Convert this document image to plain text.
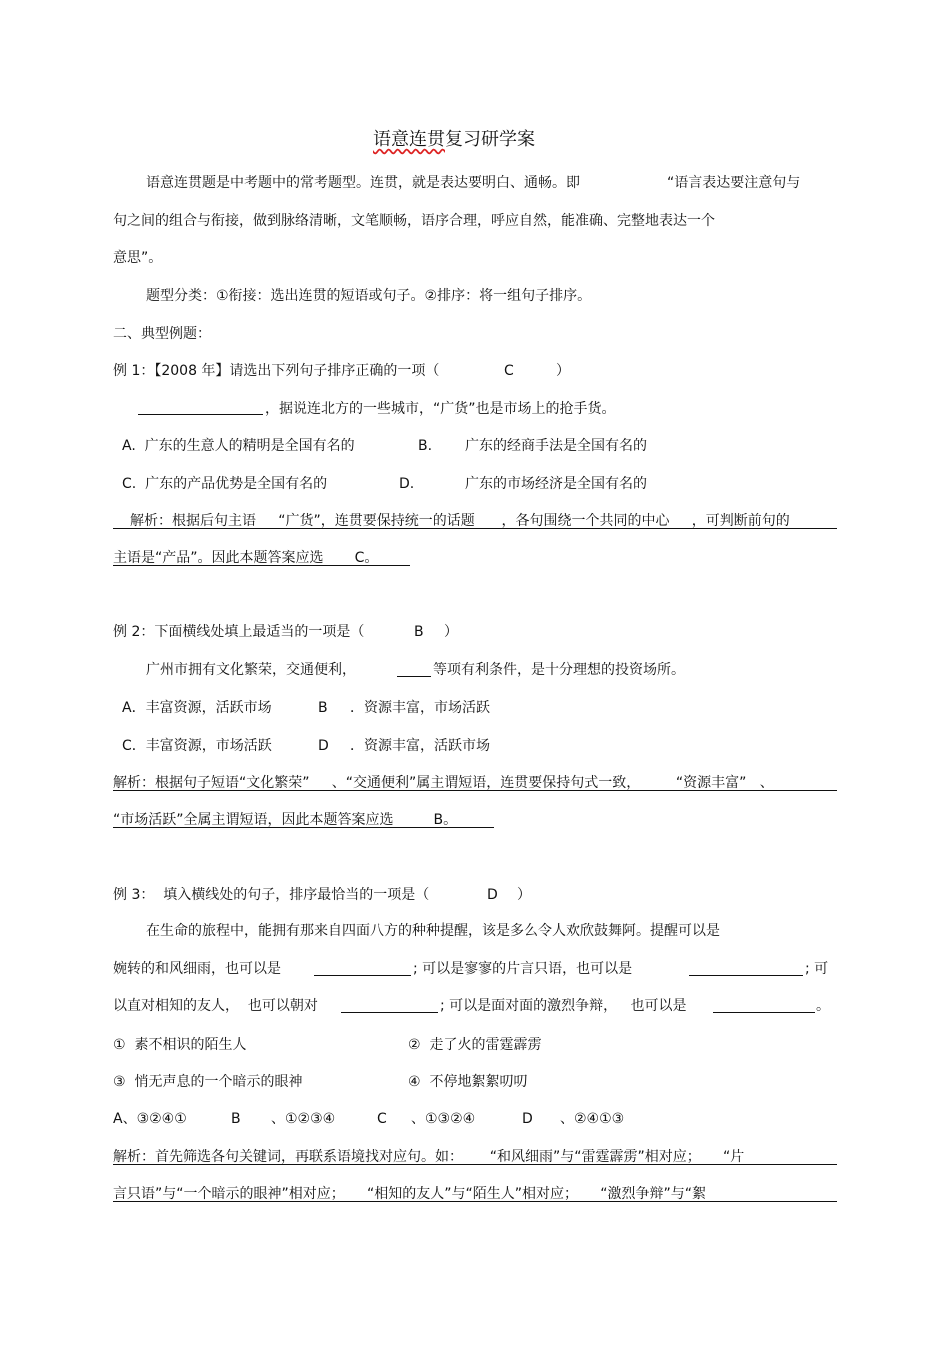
语意连贯复习研学案
语意连贯题是中考题中的常考题型。连贯，就是表达要明白、通畅。即	“语言表达要注意句与
句之间的组合与衔接，做到脉络清晰，文笔顺畅，语序合理，呼应自然，能准确、完整地表达一个
意思”。
题型分类：①衔接：选出连贯的短语或句子。②排序：将一组句子排序。
二、典型例题：
例 1：【2008 年】请选出下列句子排序正确的一项（	C	）
，据说连北方的一些城市，“广货”也是市场上的抢手货。
A.  广东的生意人的精明是全国有名的	B. 广东的经商手法是全国有名的
C.  广东的产品优势是全国有名的	D.	广东的市场经济是全国有名的
解析：根据后句主语     “广货”，连贯要保持统一的话题      ，各句围绕一个共同的中心     ，可判断前句的
主语是“产品”。因此本题答案应选       C。
例 2：下面横线处填上最适当的一项是（	B ）
广州市拥有文化繁荣，交通便利，	等项有利条件，是十分理想的投资场所。
A．丰富资源，活跃市场	B ．资源丰富，市场活跃
C．丰富资源，市场活跃	D ．资源丰富，活跃市场
解析：根据句子短语“文化繁荣”     、“交通便利”属主谓短语，连贯要保持句式一致，        “资源丰富”   、
“市场活跃”全属主谓短语，因此本题答案应选         B。
例 3：  填入横线处的句子，排序最恰当的一项是（	D ）
在生命的旅程中，能拥有那来自四面八方的种种提醒，该是多么令人欢欣鼓舞阿。提醒可以是
婉转的和风细雨，也可以是	; 可以是寥寥的片言只语，也可以是	; 可
以直对相知的友人，  也可以朝对	; 可以是面对面的激烈争辩，   也可以是	。
①  素不相识的陌生人	②  走了火的雷霆霹雳
③  悄无声息的一个暗示的眼神	④  不停地絮絮叨叨
A、③②④①	B 、①②③④	C 、①③②④	D 、②④①③
解析：首先筛选各句关键词，再联系语境找对应句。如：      “和风细雨”与“雷霆霹雳”相对应；     “片
言只语”与“一个暗示的眼神”相对应；     “相知的友人”与“陌生人”相对应；     “激烈争辩”与“絮
